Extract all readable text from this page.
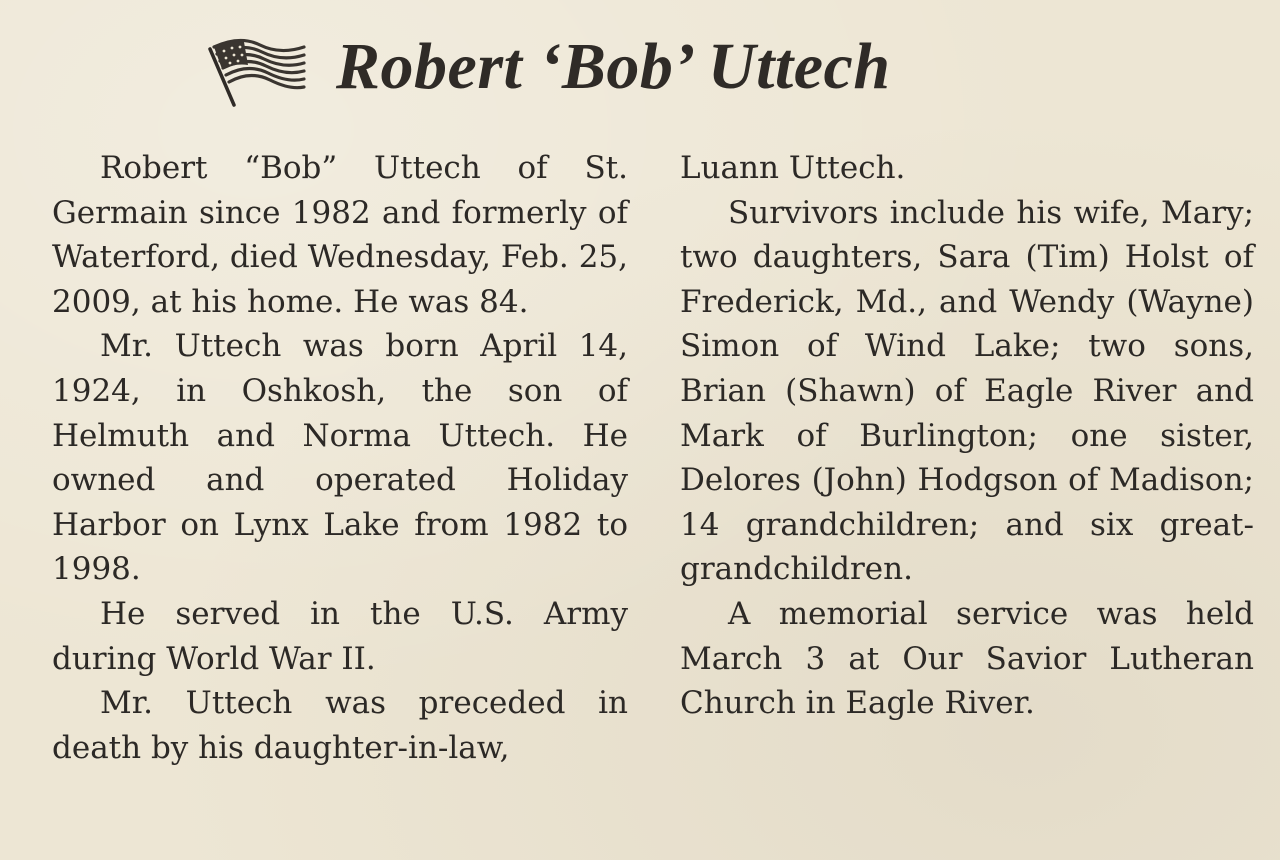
Robert ‘Bob’ Uttech

Robert “Bob” Uttech of St. Germain since 1982 and formerly of Waterford, died Wednesday, Feb. 25, 2009, at his home. He was 84.

Mr. Uttech was born April 14, 1924, in Oshkosh, the son of Helmuth and Norma Uttech. He owned and operated Holiday Harbor on Lynx Lake from 1982 to 1998.

He served in the U.S. Army during World War II.

Mr. Uttech was preceded in death by his daughter-in-law,

Luann Uttech.

Survivors include his wife, Mary; two daughters, Sara (Tim) Holst of Frederick, Md., and Wendy (Wayne) Simon of Wind Lake; two sons, Brian (Shawn) of Eagle River and Mark of Burlington; one sister, Delores (John) Hodgson of Madison; 14 grandchildren; and six great-grandchildren.

A memorial service was held March 3 at Our Savior Lutheran Church in Eagle River.
